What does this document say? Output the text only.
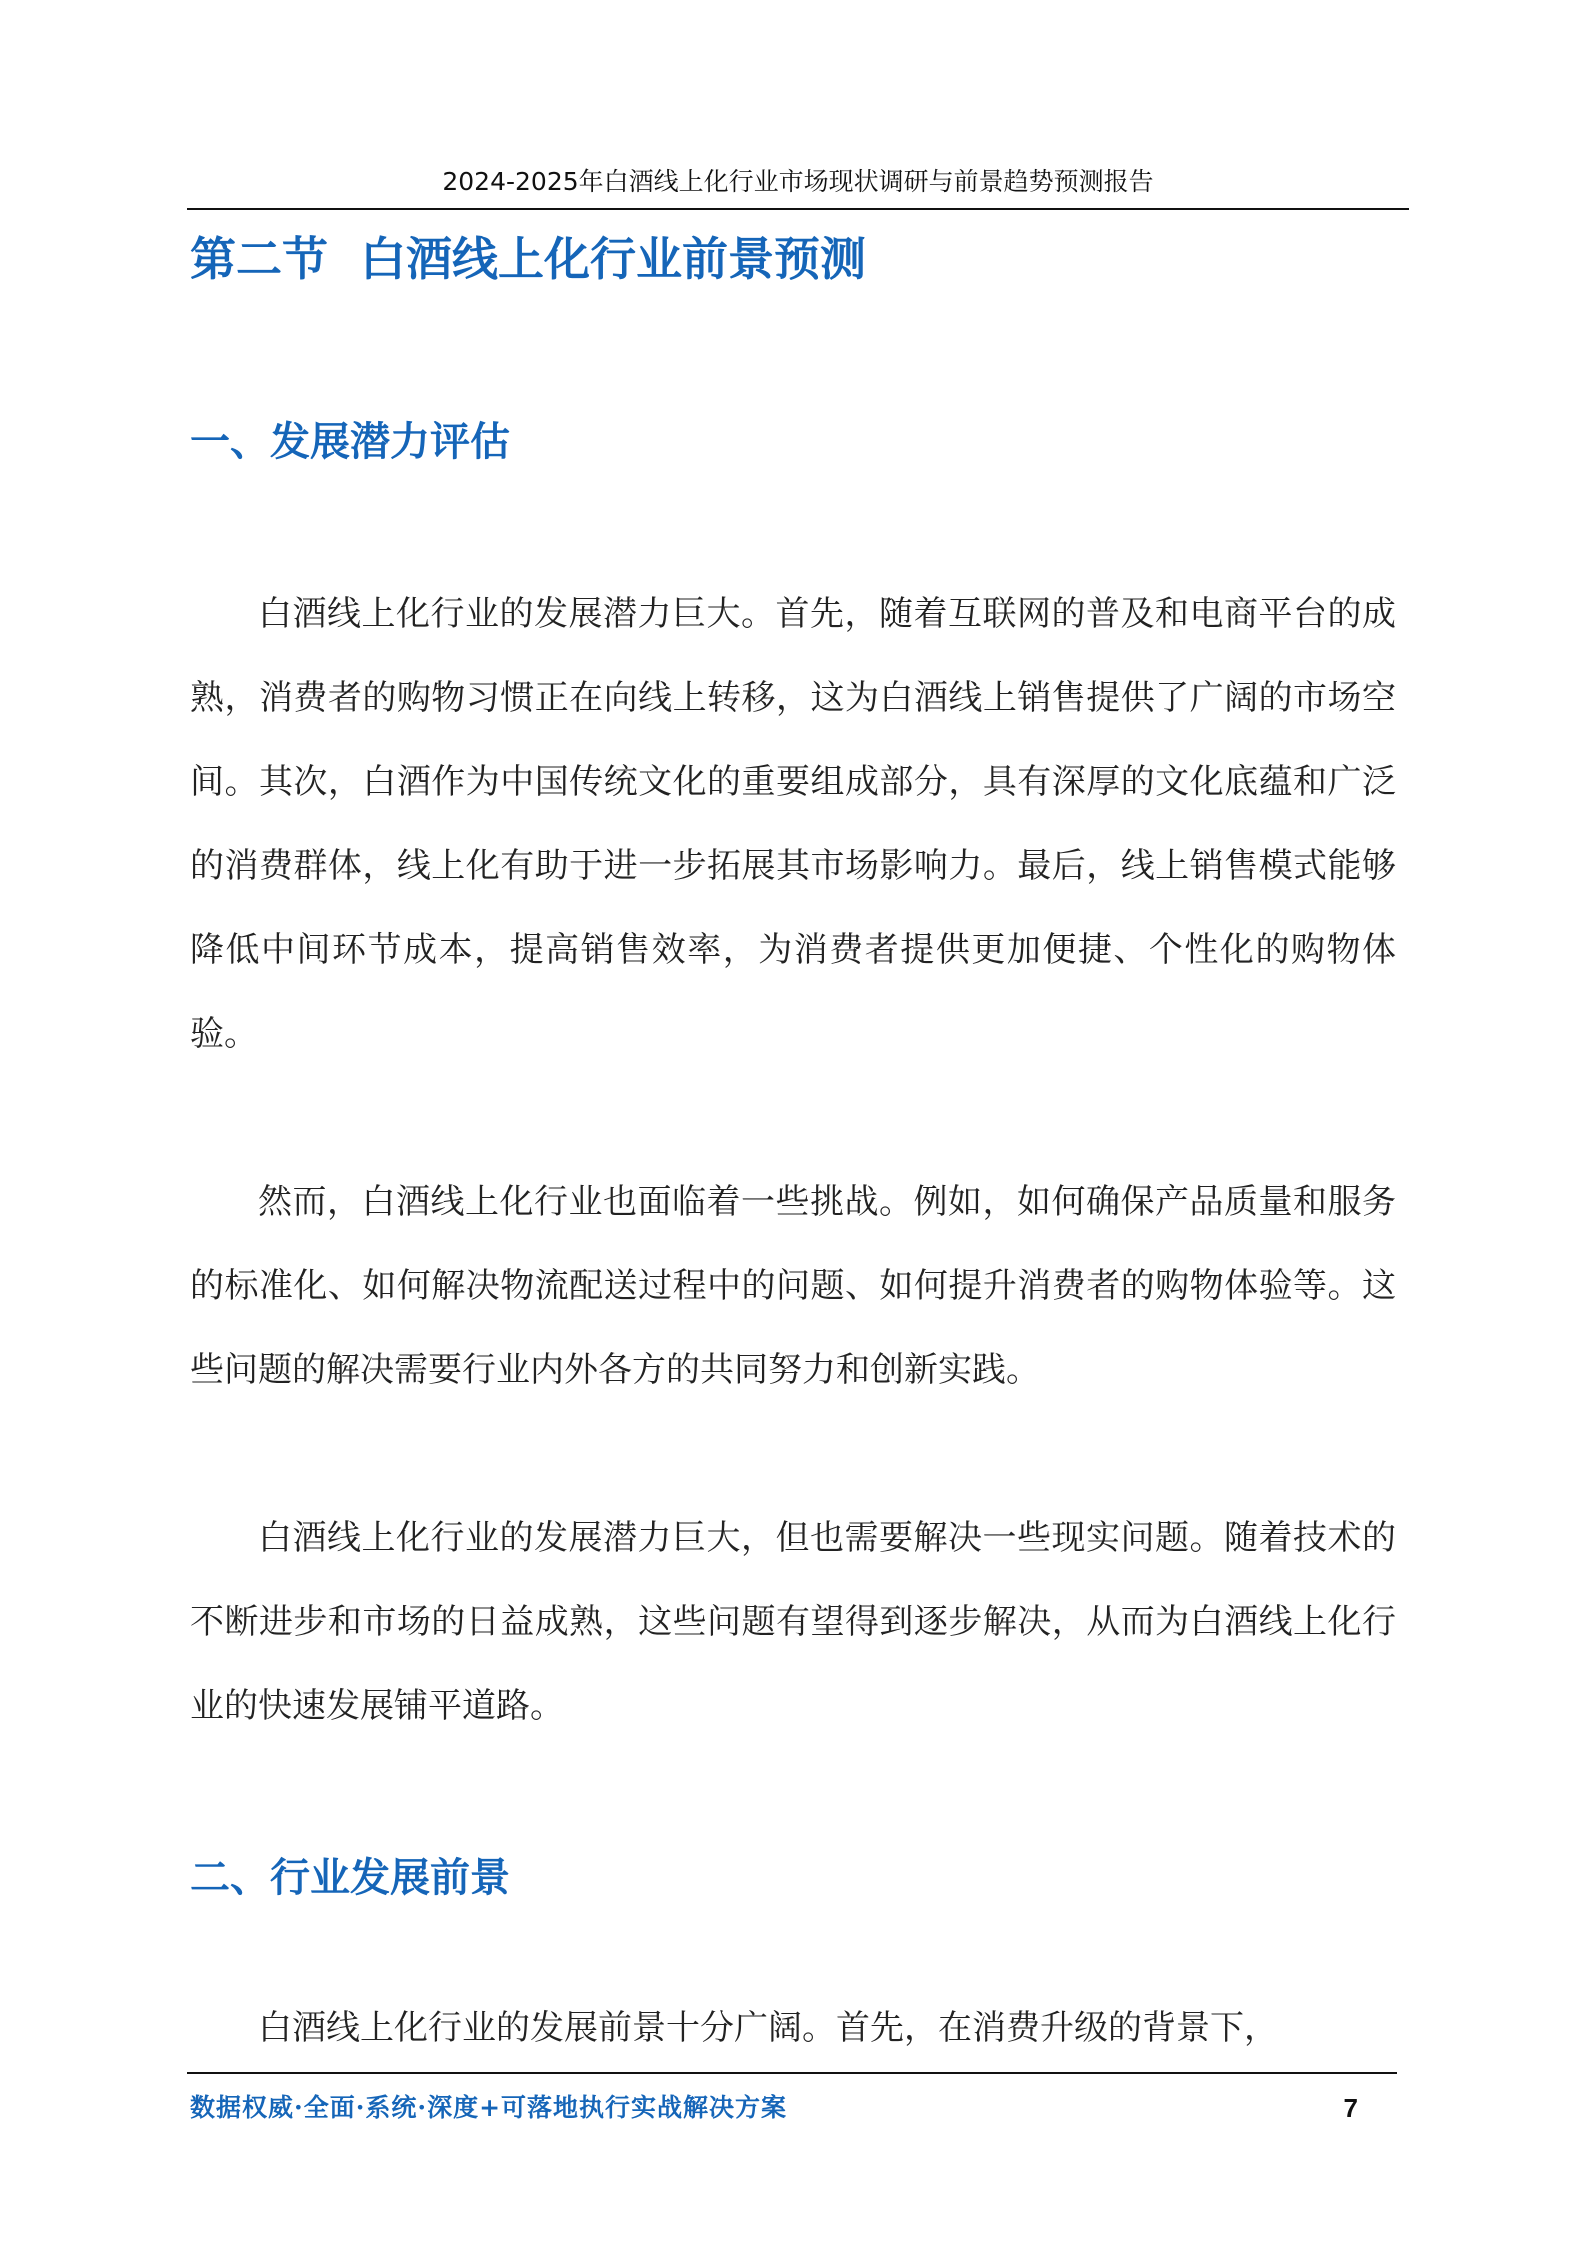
2024-2025年白酒线上化行业市场现状调研与前景趋势预测报告
第二节  白酒线上化行业前景预测
一、发展潜力评估

白酒线上化行业的发展潜力巨大。首先，随着互联网的普及和电商平台的成熟，消费者的购物习惯正在向线上转移，这为白酒线上销售提供了广阔的市场空间。其次，白酒作为中国传统文化的重要组成部分，具有深厚的文化底蕴和广泛的消费群体，线上化有助于进一步拓展其市场影响力。最后，线上销售模式能够降低中间环节成本，提高销售效率，为消费者提供更加便捷、个性化的购物体验。

然而，白酒线上化行业也面临着一些挑战。例如，如何确保产品质量和服务的标准化、如何解决物流配送过程中的问题、如何提升消费者的购物体验等。这些问题的解决需要行业内外各方的共同努力和创新实践。

白酒线上化行业的发展潜力巨大，但也需要解决一些现实问题。随着技术的不断进步和市场的日益成熟，这些问题有望得到逐步解决，从而为白酒线上化行业的快速发展铺平道路。

二、行业发展前景

白酒线上化行业的发展前景十分广阔。首先，在消费升级的背景下，

数据权威·全面·系统·深度+可落地执行实战解决方案	7
